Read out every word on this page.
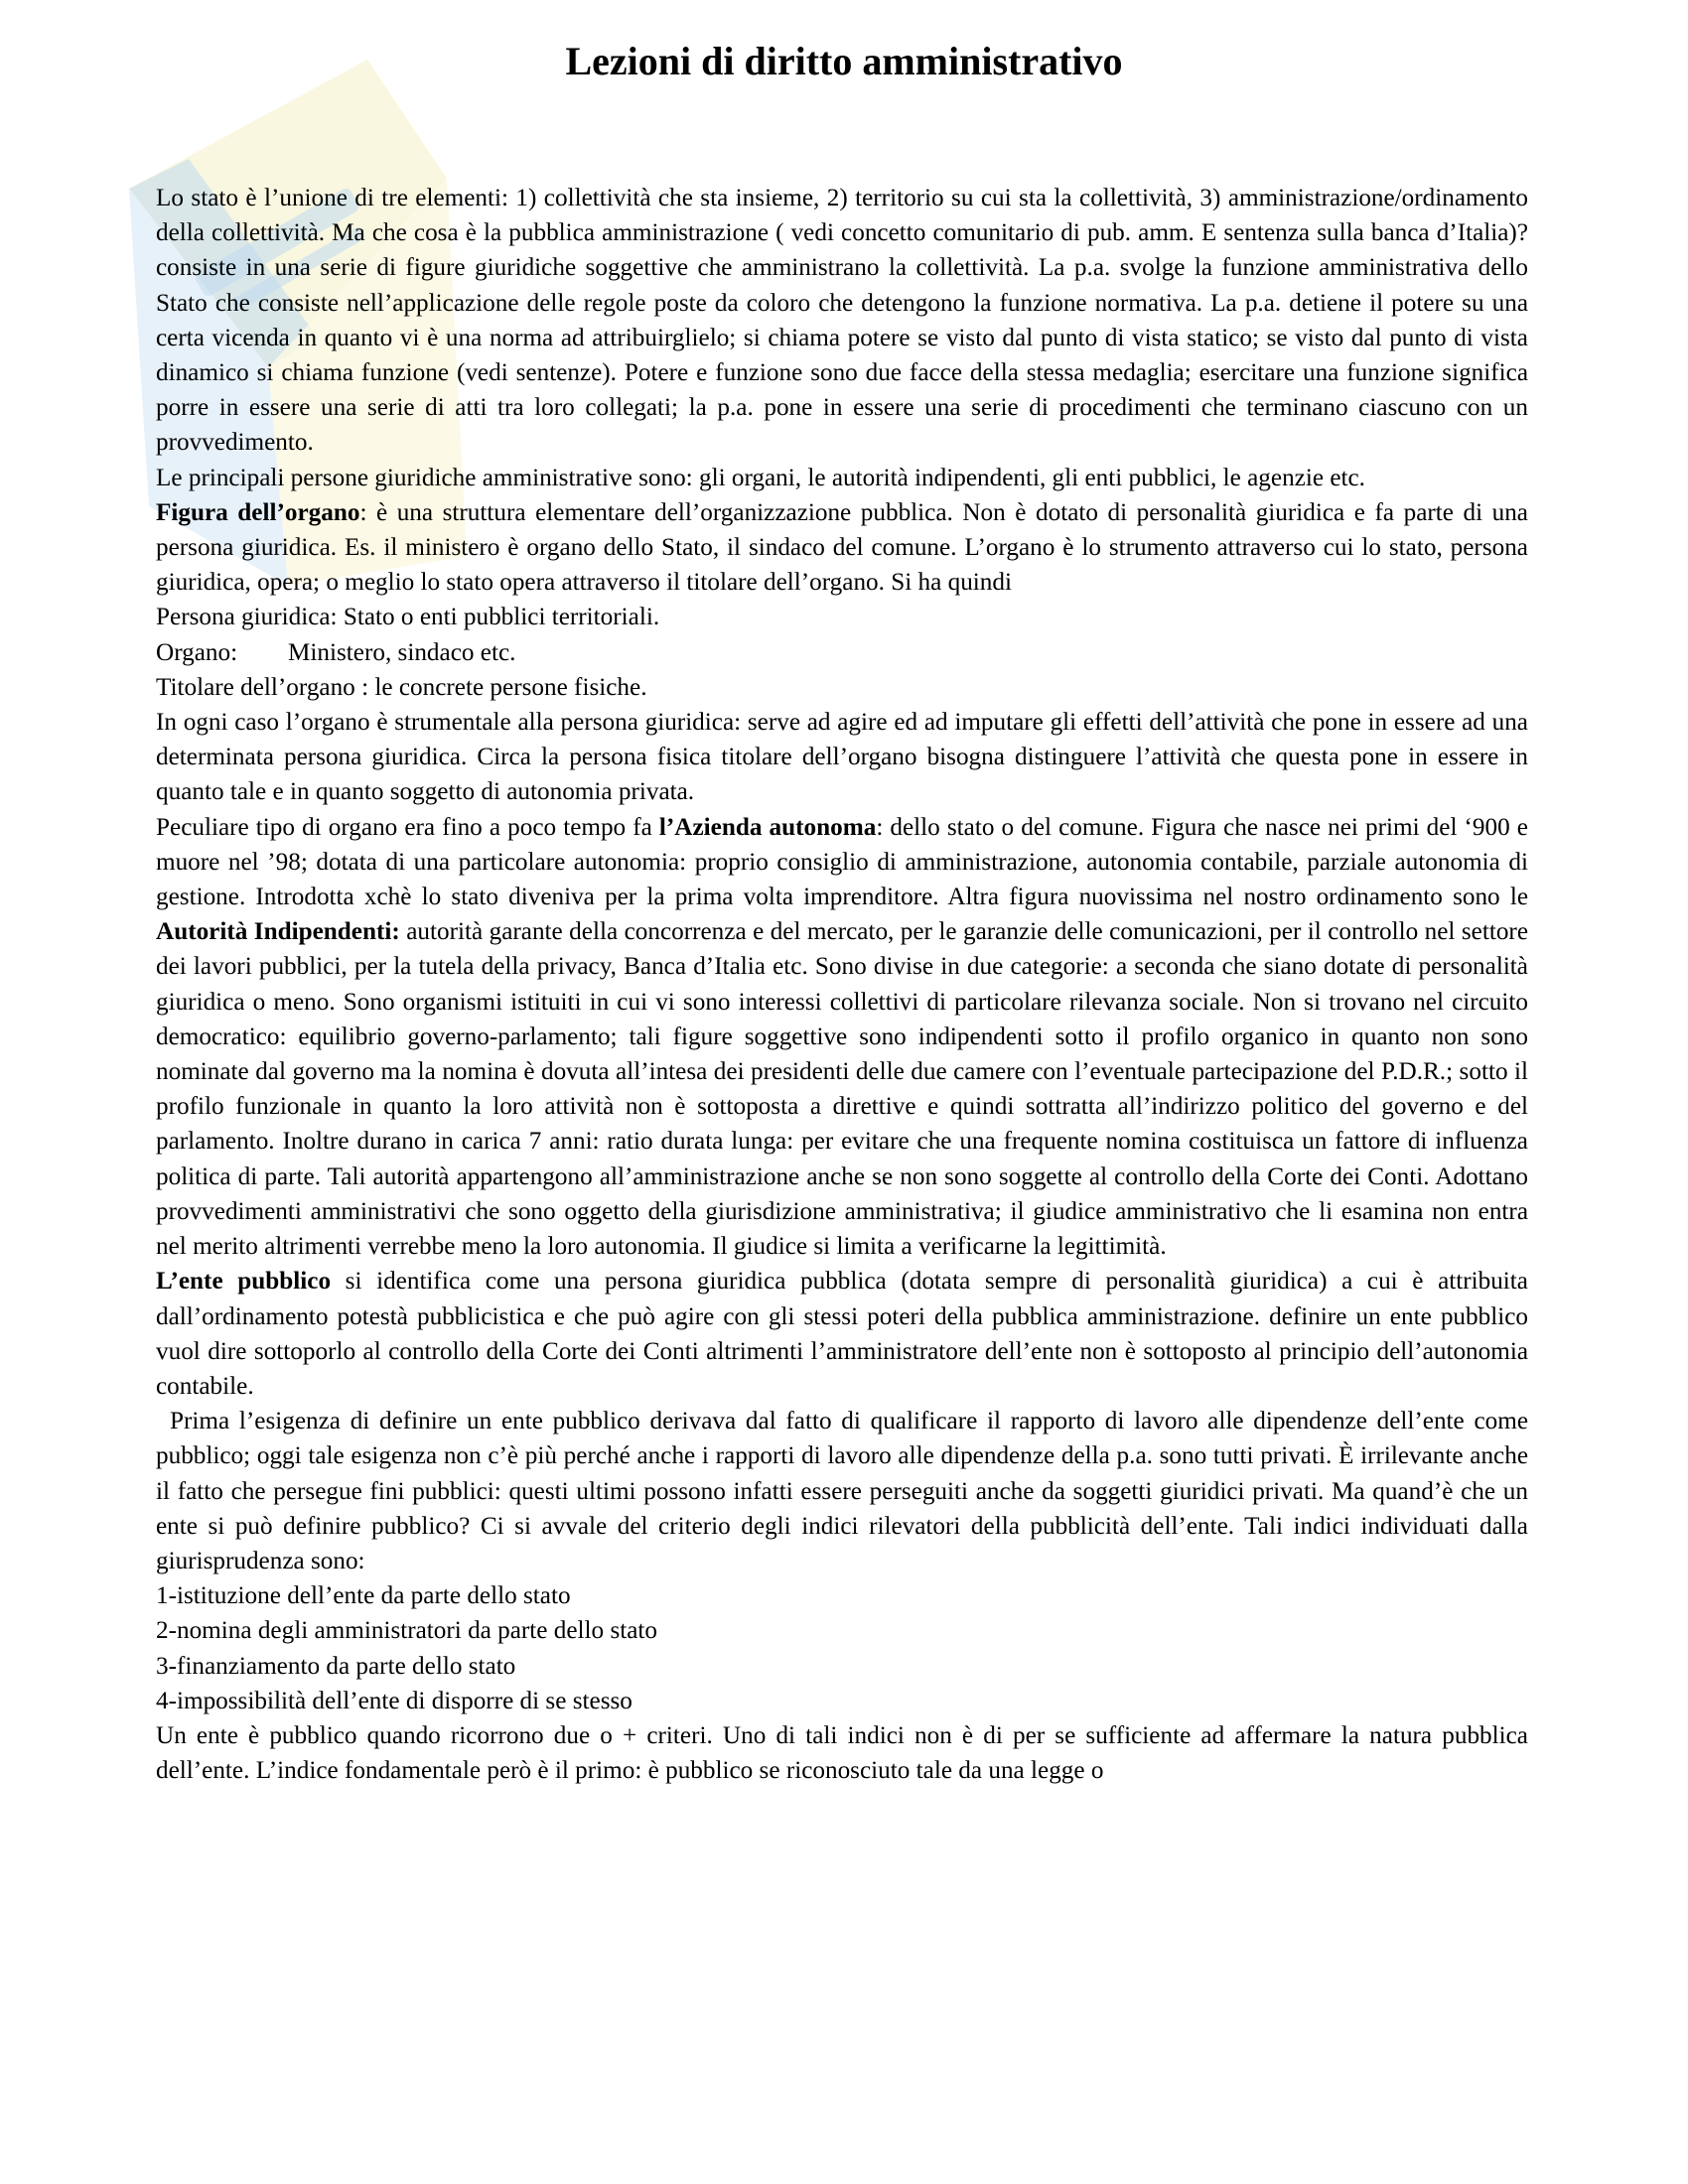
Lezioni di diritto amministrativo

Lo stato è l’unione di tre elementi: 1) collettività che sta insieme, 2) territorio su cui sta la collettività, 3) amministrazione/ordinamento della collettività. Ma che cosa è la pubblica amministrazione ( vedi concetto comunitario di pub. amm. E sentenza sulla banca d’Italia)? consiste in una serie di figure giuridiche soggettive che amministrano la collettività. La p.a. svolge la funzione amministrativa dello Stato che consiste nell’applicazione delle regole poste da coloro che detengono la funzione normativa. La p.a. detiene il potere su una certa vicenda in quanto vi è una norma ad attribuirglielo; si chiama potere se visto dal punto di vista statico; se visto dal punto di vista dinamico si chiama funzione (vedi sentenze). Potere e funzione sono due facce della stessa medaglia; esercitare una funzione significa porre in essere una serie di atti tra loro collegati; la p.a. pone in essere una serie di procedimenti che terminano ciascuno con un provvedimento.

Le principali persone giuridiche amministrative sono: gli organi, le autorità indipendenti, gli enti pubblici, le agenzie etc.

Figura dell’organo: è una struttura elementare dell’organizzazione pubblica. Non è dotato di personalità giuridica e fa parte di una persona giuridica. Es. il ministero è organo dello Stato, il sindaco del comune. L’organo è lo strumento attraverso cui lo stato, persona giuridica, opera; o meglio lo stato opera attraverso il titolare dell’organo. Si ha quindi

Persona giuridica: Stato o enti pubblici territoriali.

Organo: Ministero, sindaco etc.

Titolare dell’organo : le concrete persone fisiche.

In ogni caso l’organo è strumentale alla persona giuridica: serve ad agire ed ad imputare gli effetti dell’attività che pone in essere ad una determinata persona giuridica. Circa la persona fisica titolare dell’organo bisogna distinguere l’attività che questa pone in essere in quanto tale e in quanto soggetto di autonomia privata.

Peculiare tipo di organo era fino a poco tempo fa l’Azienda autonoma: dello stato o del comune. Figura che nasce nei primi del ‘900 e muore nel ’98; dotata di una particolare autonomia: proprio consiglio di amministrazione, autonomia contabile, parziale autonomia di gestione. Introdotta xchè lo stato diveniva per la prima volta imprenditore. Altra figura nuovissima nel nostro ordinamento sono le Autorità Indipendenti: autorità garante della concorrenza e del mercato, per le garanzie delle comunicazioni, per il controllo nel settore dei lavori pubblici, per la tutela della privacy, Banca d’Italia etc. Sono divise in due categorie: a seconda che siano dotate di personalità giuridica o meno. Sono organismi istituiti in cui vi sono interessi collettivi di particolare rilevanza sociale. Non si trovano nel circuito democratico: equilibrio governo-parlamento; tali figure soggettive sono indipendenti sotto il profilo organico in quanto non sono nominate dal governo ma la nomina è dovuta all’intesa dei presidenti delle due camere con l’eventuale partecipazione del P.D.R.; sotto il profilo funzionale in quanto la loro attività non è sottoposta a direttive e quindi sottratta all’indirizzo politico del governo e del parlamento. Inoltre durano in carica 7 anni: ratio durata lunga: per evitare che una frequente nomina costituisca un fattore di influenza politica di parte. Tali autorità appartengono all’amministrazione anche se non sono soggette al controllo della Corte dei Conti. Adottano provvedimenti amministrativi che sono oggetto della giurisdizione amministrativa; il giudice amministrativo che li esamina non entra nel merito altrimenti verrebbe meno la loro autonomia. Il giudice si limita a verificarne la legittimità.

L’ente pubblico si identifica come una persona giuridica pubblica (dotata sempre di personalità giuridica) a cui è attribuita dall’ordinamento potestà pubblicistica e che può agire con gli stessi poteri della pubblica amministrazione. definire un ente pubblico vuol dire sottoporlo al controllo della Corte dei Conti altrimenti l’amministratore dell’ente non è sottoposto al principio dell’autonomia contabile.

Prima l’esigenza di definire un ente pubblico derivava dal fatto di qualificare il rapporto di lavoro alle dipendenze dell’ente come pubblico; oggi tale esigenza non c’è più perché anche i rapporti di lavoro alle dipendenze della p.a. sono tutti privati. È irrilevante anche il fatto che persegue fini pubblici: questi ultimi possono infatti essere perseguiti anche da soggetti giuridici privati. Ma quand’è che un ente si può definire pubblico? Ci si avvale del criterio degli indici rilevatori della pubblicità dell’ente. Tali indici individuati dalla giurisprudenza sono:

1-istituzione dell’ente da parte dello stato

2-nomina degli amministratori da parte dello stato

3-finanziamento da parte dello stato

4-impossibilità dell’ente di disporre di se stesso

Un ente è pubblico quando ricorrono due o + criteri. Uno di tali indici non è di per se sufficiente ad affermare la natura pubblica dell’ente. L’indice fondamentale però è il primo: è pubblico se riconosciuto tale da una legge o
